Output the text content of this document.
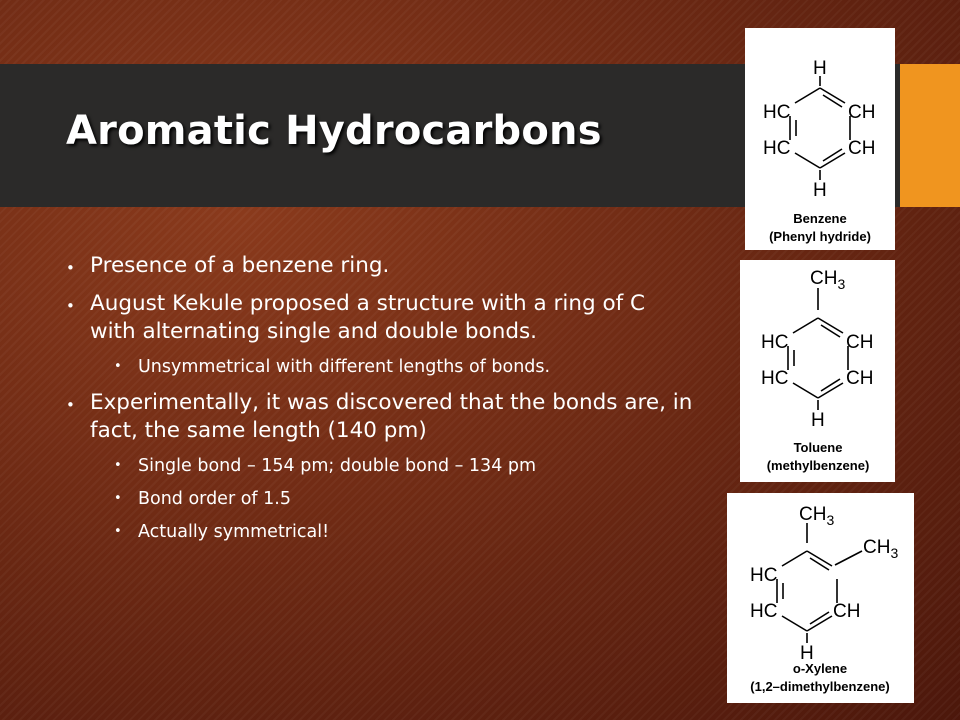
Aromatic Hydrocarbons
• Presence of a benzene ring.
• August Kekule proposed a structure with a ring of C with alternating single and double bonds.
• Unsymmetrical with different lengths of bonds.
• Experimentally, it was discovered that the bonds are, in fact, the same length (140 pm)
• Single bond – 154 pm; double bond – 134 pm
• Bond order of 1.5
• Actually symmetrical!
H
HC	CH
HC	CH
H
Benzene
(Phenyl hydride)
$CH_3$
HC	CH
HC	CH
H
Toluene
(methylbenzene)
$CH_3$
$CH_3$
HC
HC	CH
H
o-Xylene
(1,2–dimethylbenzene)
